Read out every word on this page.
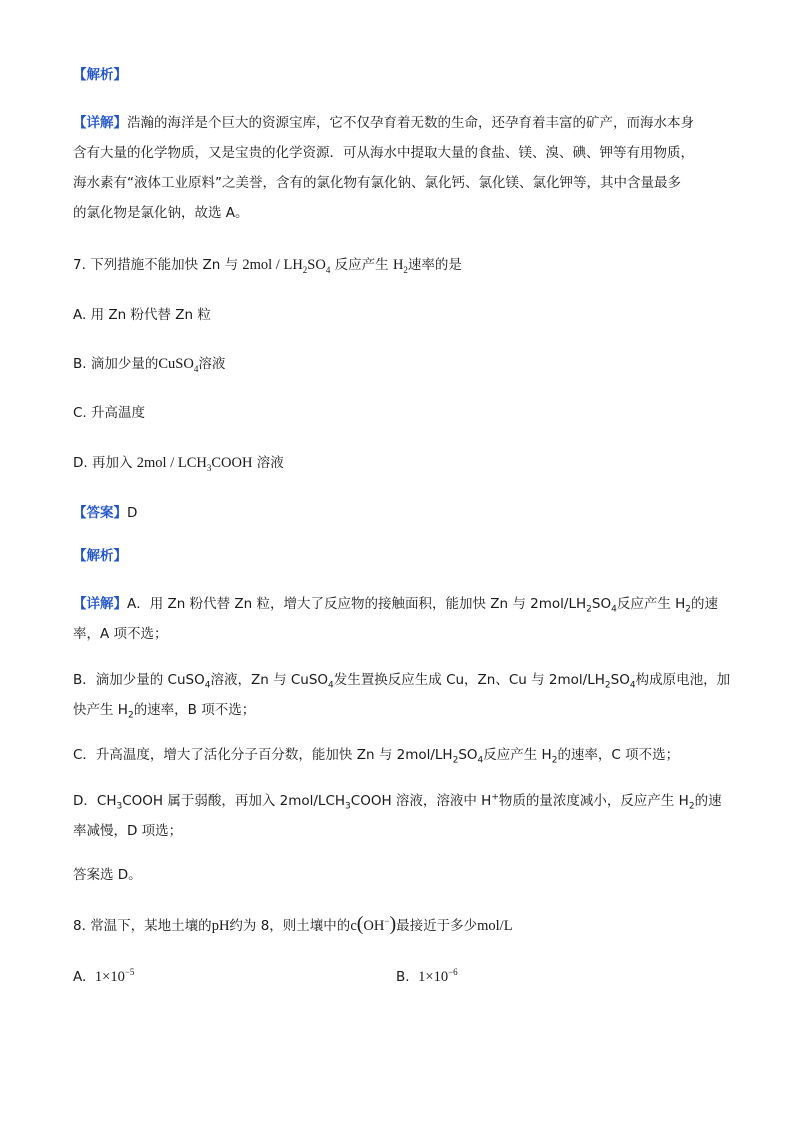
【解析】
【详解】浩瀚的海洋是个巨大的资源宝库，它不仅孕育着无数的生命，还孕育着丰富的矿产，而海水本身
含有大量的化学物质，又是宝贵的化学资源．可从海水中提取大量的食盐、镁、溴、碘、钾等有用物质，
海水素有“液体工业原料”之美誉，含有的氯化物有氯化钠、氯化钙、氯化镁、氯化钾等，其中含量最多
的氯化物是氯化钠，故选 A。
7. 下列措施不能加快 Zn 与 $2mol / LH_2SO_4$ 反应产生 $H_2$速率的是
A. 用 Zn 粉代替 Zn 粒
B. 滴加少量的CuSO$_4$溶液
C. 升高温度
D. 再加入 $2mol / LCH_3COOH$ 溶液
【答案】D
【解析】
【详解】A．用 Zn 粉代替 Zn 粒，增大了反应物的接触面积，能加快 Zn 与 $2mol/LH_2SO_4$反应产生 $H_2$的速
率，A 项不选；
B．滴加少量的 CuSO$_4$溶液，Zn 与 CuSO$_4$发生置换反应生成 Cu，Zn、Cu 与 $2mol/LH_2SO_4$构成原电池，加
快产生 $H_2$的速率，B 项不选；
C．升高温度，增大了活化分子百分数，能加快 Zn 与 $2mol/LH_2SO_4$反应产生 $H_2$的速率，C 项不选；
D．$CH_3COOH$ 属于弱酸，再加入 $2mol/LCH_3COOH$ 溶液，溶液中 H+物质的量浓度减小，反应产生 $H_2$的速
率减慢，D 项选；
答案选 D。
8. 常温下，某地土壤的pH约为 8，则土壤中的c(OH−)最接近于多少mol/L
A. $1\times 10^{-5}$	B. $1\times 10^{-6}$
